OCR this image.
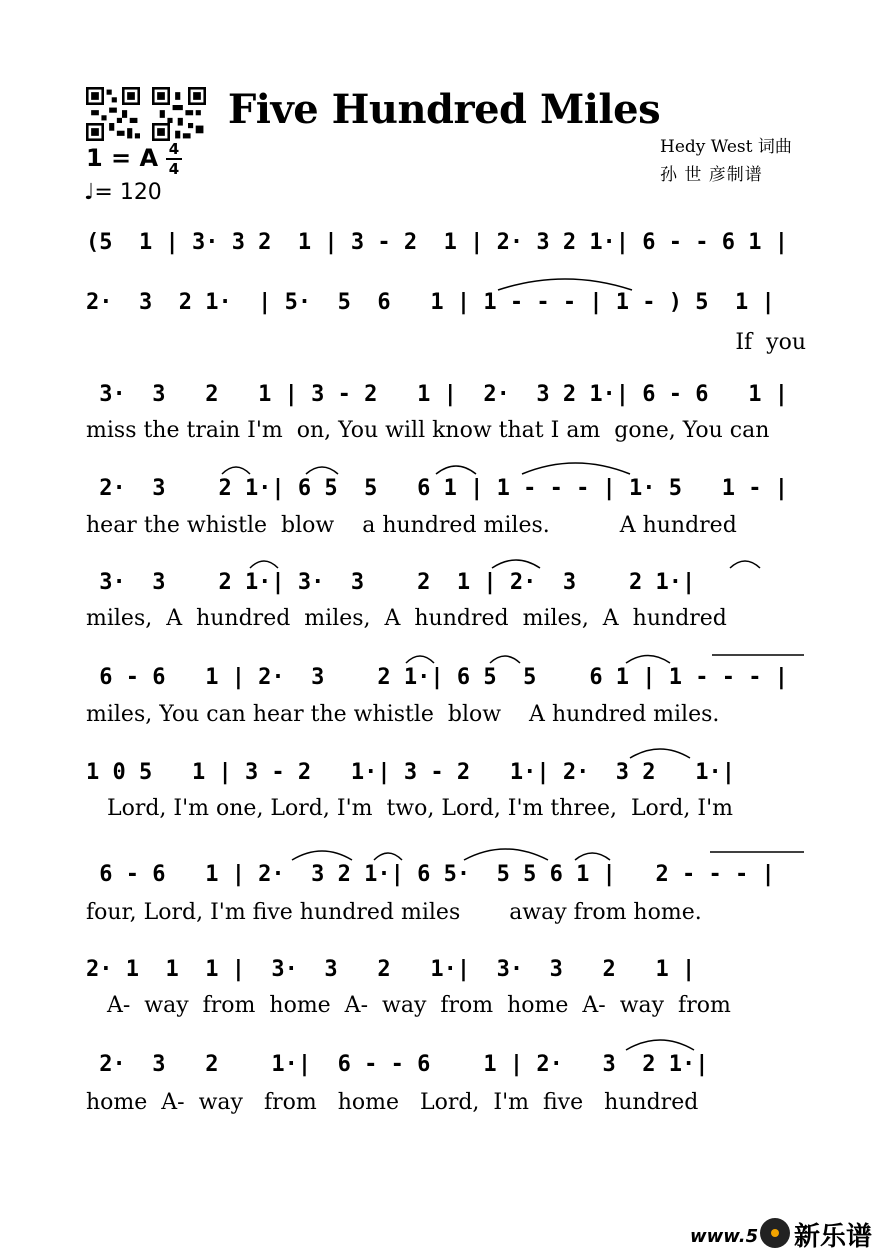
Five Hundred Miles
Hedy West 词曲
孙 世 彦制谱
1 = A 4
4
♩= 120
(5  1 | 3· 3 2  1 | 3 - 2  1 | 2· 3 2 1·| 6 - - 6 1 |
2·  3  2 1·  | 5·  5  6   1 | 1 - - - | 1 - ) 5  1 |
If  you
3·  3   2   1 | 3 - 2   1 |  2·  3 2 1·| 6 - 6   1 |
miss the train I'm  on, You will know that I am  gone, You can
2·  3    2 1·| 6 5  5   6 1 | 1 - - - | 1· 5   1 - |
hear the whistle  blow    a hundred miles.          A hundred
3·  3    2 1·| 3·  3    2  1 | 2·  3    2 1·|
miles,  A  hundred  miles,  A  hundred  miles,  A  hundred
6 - 6   1 | 2·  3    2 1·| 6 5  5    6 1 | 1 - - - |
miles, You can hear the whistle  blow    A hundred miles.
1 0 5   1 | 3 - 2   1·| 3 - 2   1·| 2·  3 2   1·|
Lord, I'm one, Lord, I'm  two, Lord, I'm three,  Lord, I'm
6 - 6   1 | 2·  3 2 1·| 6 5·  5 5 6 1 |   2 - - - |
four, Lord, I'm five hundred miles       away from home.
2· 1  1  1 |  3·  3   2   1·|  3·  3   2   1 |
A-  way  from  home  A-  way  from  home  A-  way  from
2·  3   2    1·|  6 - - 6    1 | 2·   3  2 1·|
home  A-  way   from   home   Lord,  I'm  five   hundred
www.5 新乐谱
